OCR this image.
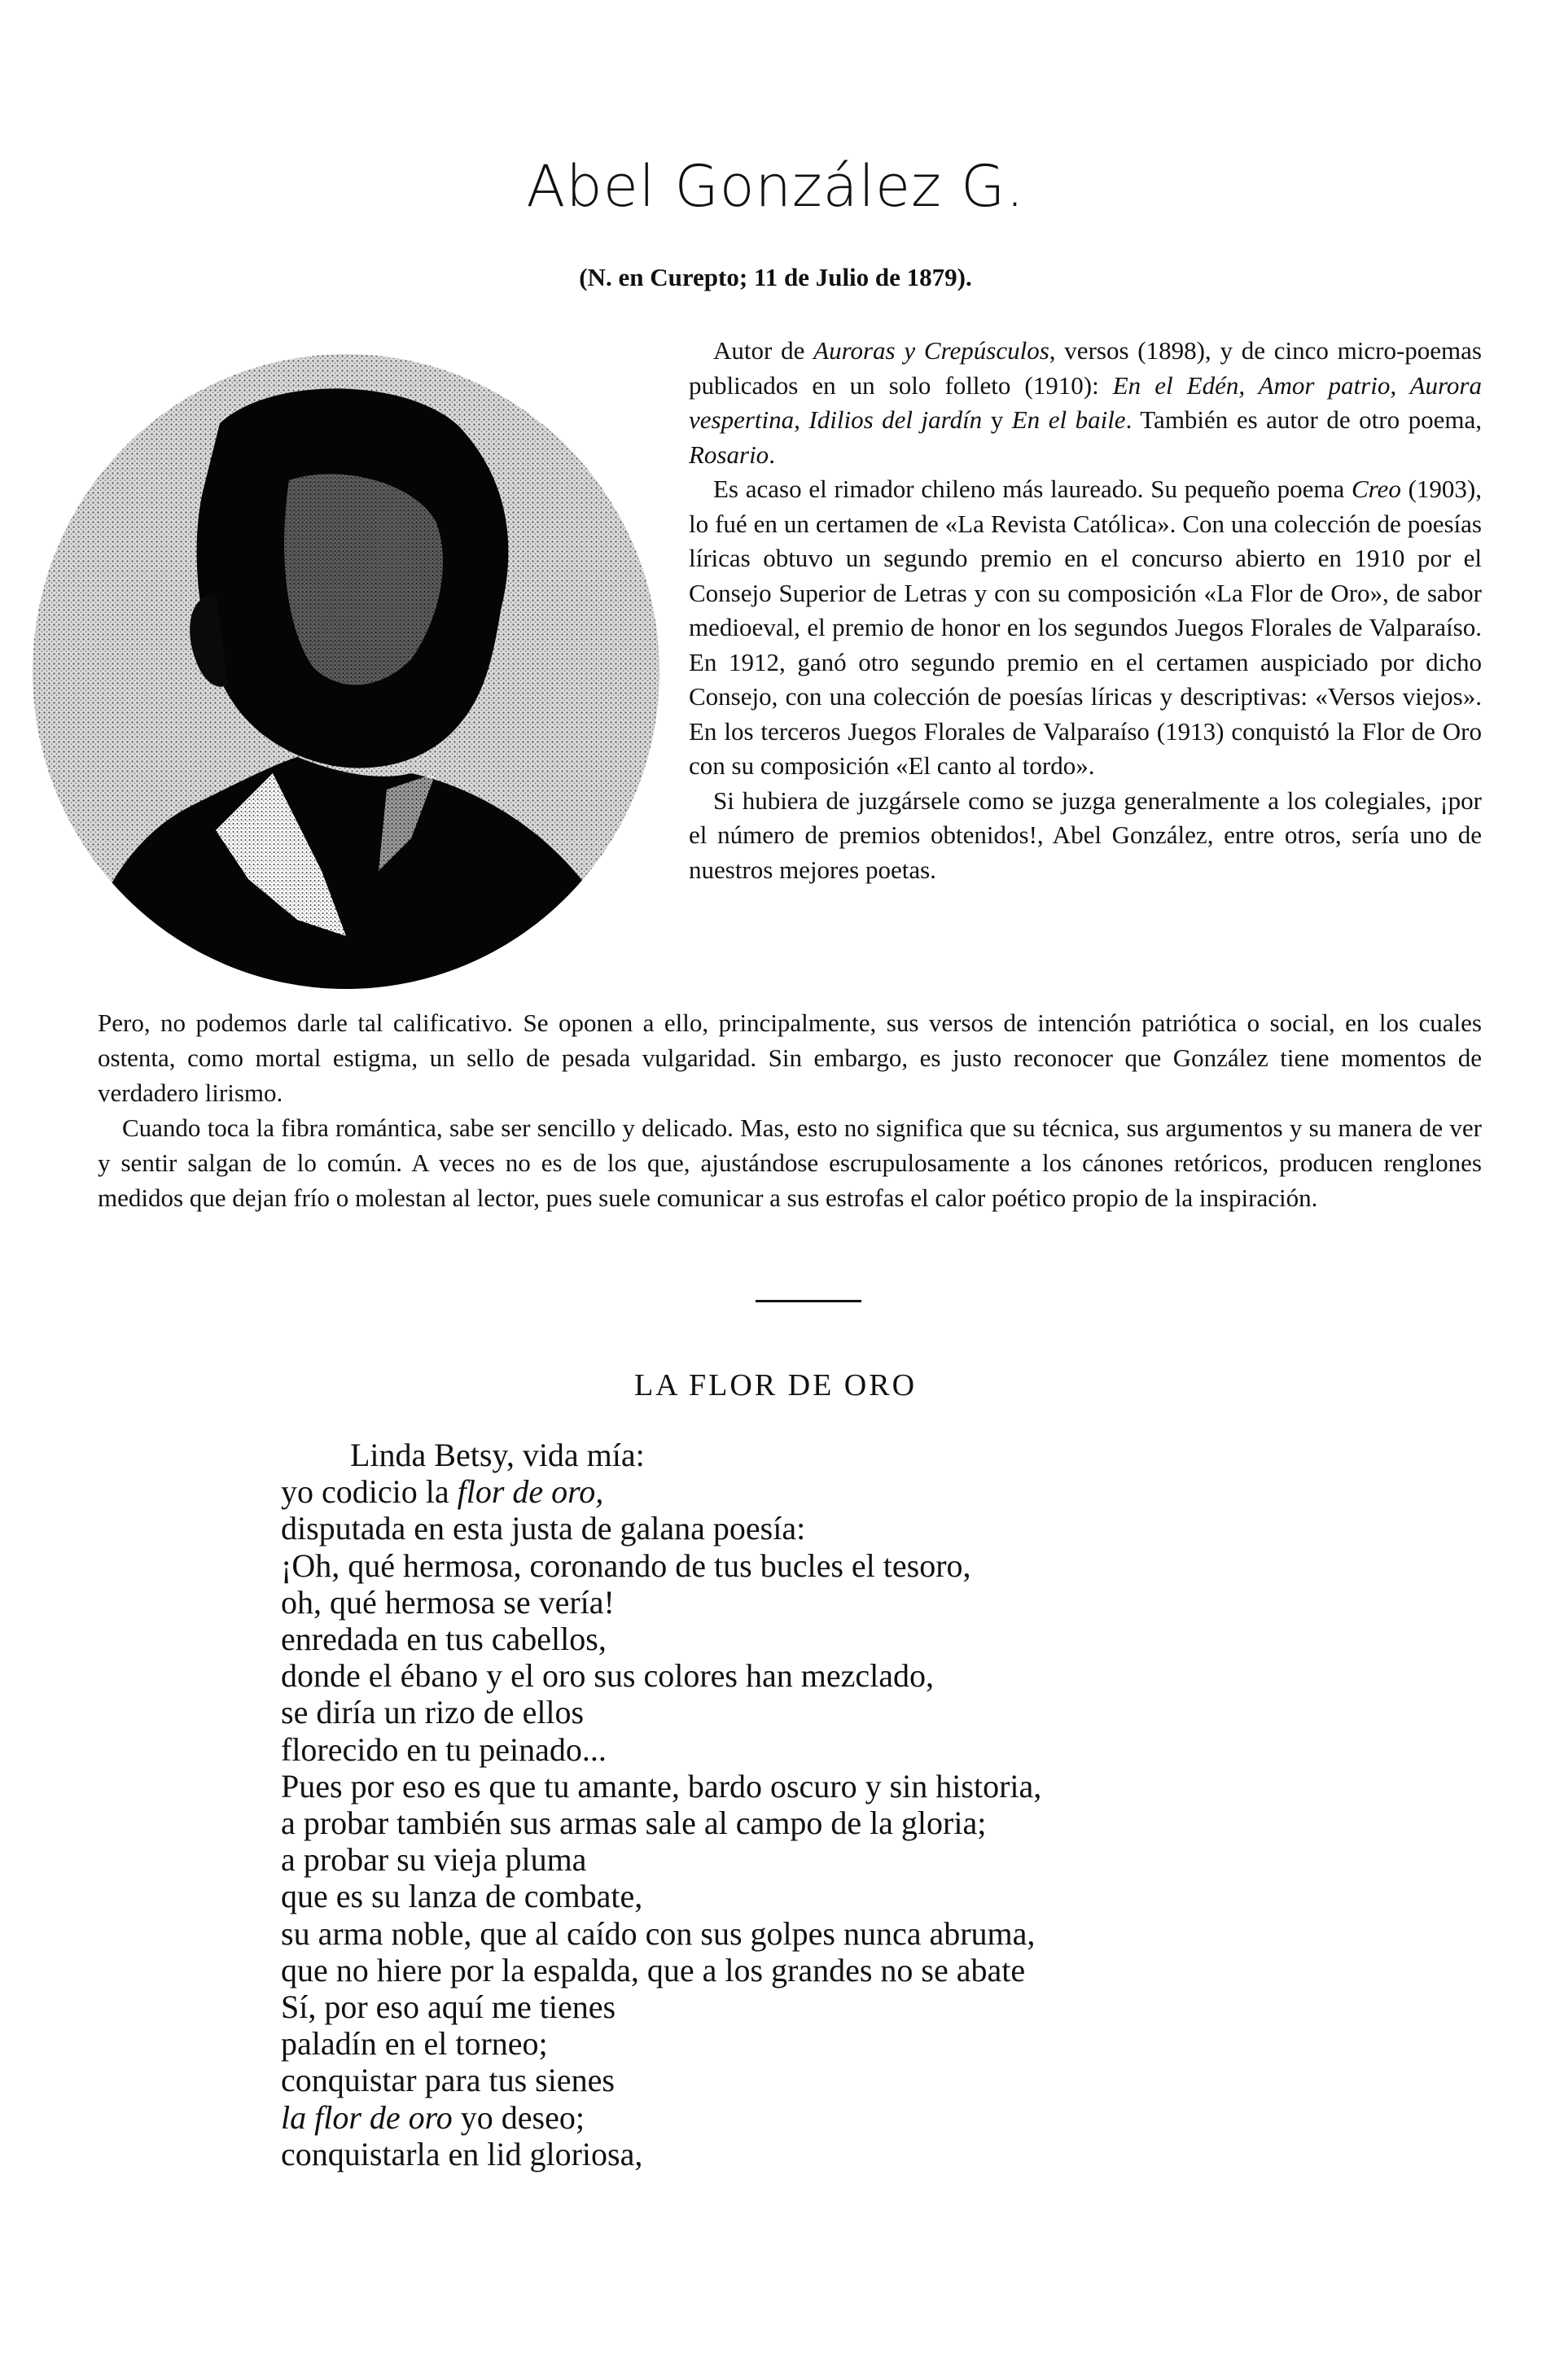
Abel González G.
(N. en Curepto; 11 de Julio de 1879).

Autor de Auroras y Crepúsculos, versos (1898), y de cinco micro-poemas publicados en un solo folleto (1910): En el Edén, Amor patrio, Aurora vespertina, Idilios del jardín y En el baile. También es autor de otro poema, Rosario.

Es acaso el rimador chileno más laureado. Su pequeño poema Creo (1903), lo fué en un certamen de «La Revista Católica». Con una colección de poesías líricas obtuvo un segundo premio en el concurso abierto en 1910 por el Consejo Superior de Letras y con su composición «La Flor de Oro», de sabor medioeval, el premio de honor en los segundos Juegos Florales de Valparaíso. En 1912, ganó otro segundo premio en el certamen auspiciado por dicho Consejo, con una colección de poesías líricas y descriptivas: «Versos viejos». En los terceros Juegos Florales de Valparaíso (1913) conquistó la Flor de Oro con su composición «El canto al tordo».

Si hubiera de juzgársele como se juzga generalmente a los colegiales, ¡por el número de premios obtenidos!, Abel González, entre otros, sería uno de nuestros mejores poetas.

Pero, no podemos darle tal calificativo. Se oponen a ello, principalmente, sus versos de intención patriótica o social, en los cuales ostenta, como mortal estigma, un sello de pesada vulgaridad. Sin embargo, es justo reconocer que González tiene momentos de verdadero lirismo.

Cuando toca la fibra romántica, sabe ser sencillo y delicado. Mas, esto no significa que su técnica, sus argumentos y su manera de ver y sentir salgan de lo común. A veces no es de los que, ajustándose escrupulosamente a los cánones retóricos, producen renglones medidos que dejan frío o molestan al lector, pues suele comunicar a sus estrofas el calor poético propio de la inspiración.

LA FLOR DE ORO
Linda Betsy, vida mía:
yo codicio la flor de oro,
disputada en esta justa de galana poesía:
¡Oh, qué hermosa, coronando de tus bucles el tesoro,
oh, qué hermosa se vería!
enredada en tus cabellos,
donde el ébano y el oro sus colores han mezclado,
se diría un rizo de ellos
florecido en tu peinado...
Pues por eso es que tu amante, bardo oscuro y sin historia,
a probar también sus armas sale al campo de la gloria;
a probar su vieja pluma
que es su lanza de combate,
su arma noble, que al caído con sus golpes nunca abruma,
que no hiere por la espalda, que a los grandes no se abate
Sí, por eso aquí me tienes
paladín en el torneo;
conquistar para tus sienes
la flor de oro yo deseo;
conquistarla en lid gloriosa,
